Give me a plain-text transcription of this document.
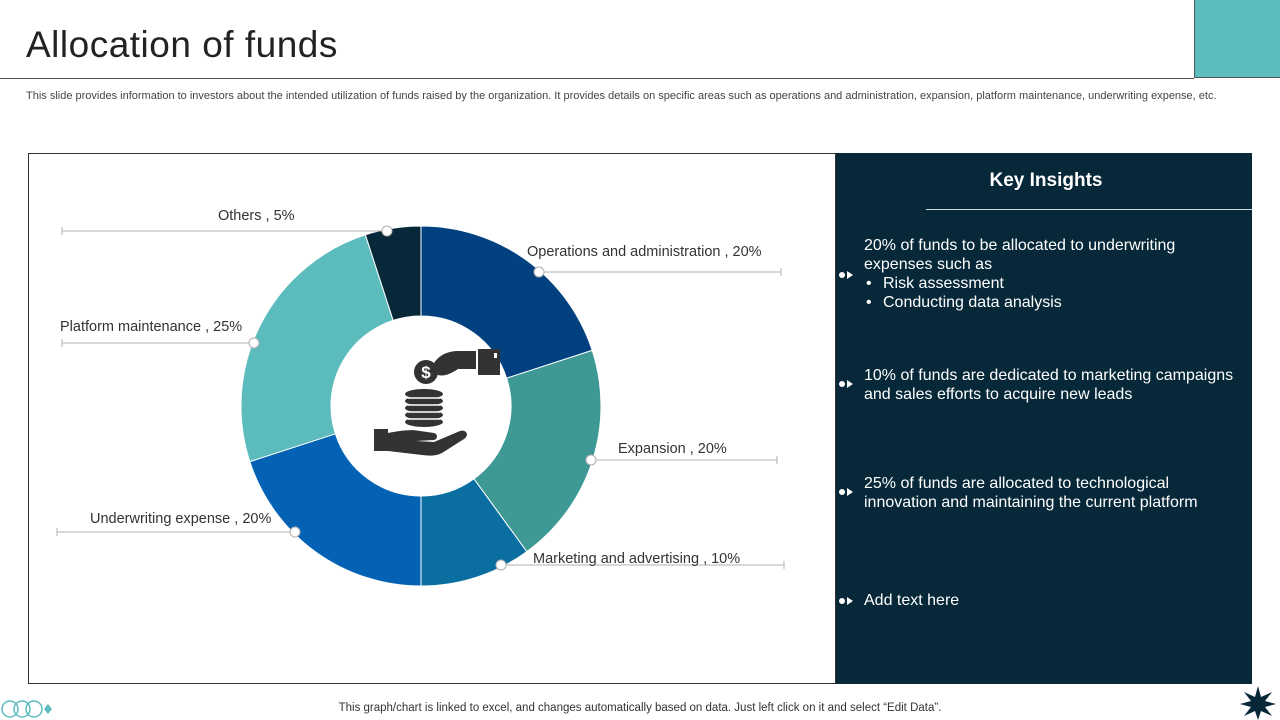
Allocation of funds

This slide provides information to investors about the intended utilization of funds raised by the organization. It provides details on specific areas such as operations and administration, expansion, platform maintenance, underwriting expense, etc.

$
Operations and administration , 20%
Expansion , 20%
Marketing and advertising , 10%
Underwriting expense , 20%
Platform maintenance , 25%
Others , 5%
Key Insights
20% of funds to be allocated to underwriting expenses such as
• Risk assessment
• Conducting data analysis
10% of funds are dedicated to marketing campaigns and sales efforts to acquire new leads
25% of funds are allocated to technological innovation and maintaining the current platform
Add text here
This graph/chart is linked to excel, and changes automatically based on data. Just left click on it and select “Edit Data”.
